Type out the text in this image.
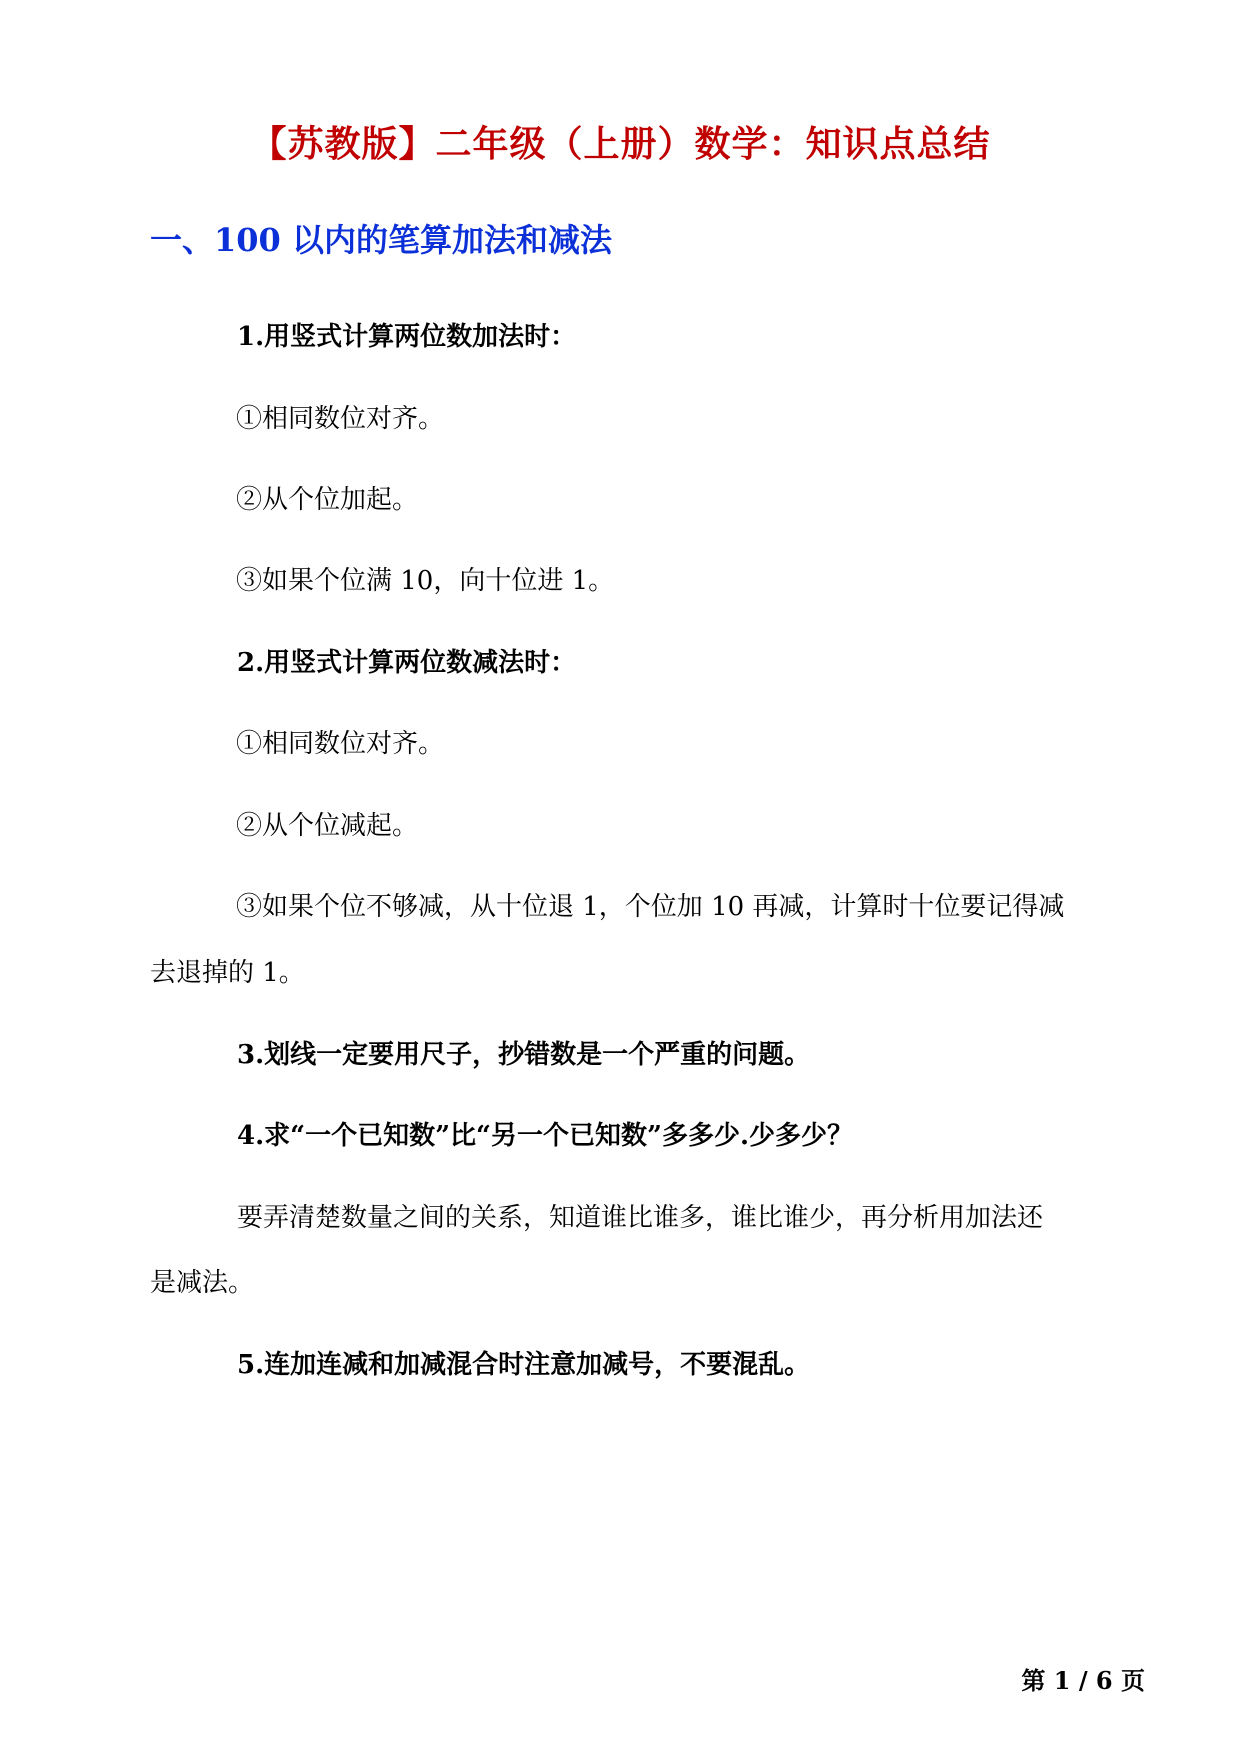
【苏教版】二年级（上册）数学：知识点总结
一、100 以内的笔算加法和减法
1.用竖式计算两位数加法时：
①相同数位对齐。
②从个位加起。
③如果个位满 10，向十位进 1。
2.用竖式计算两位数减法时：
①相同数位对齐。
②从个位减起。
③如果个位不够减，从十位退 1，个位加 10 再减，计算时十位要记得减
去退掉的 1。
3.划线一定要用尺子，抄错数是一个严重的问题。
4.求“一个已知数”比“另一个已知数”多多少.少多少？
要弄清楚数量之间的关系，知道谁比谁多，谁比谁少，再分析用加法还
是减法。
5.连加连减和加减混合时注意加减号，不要混乱。
第 1 / 6 页
